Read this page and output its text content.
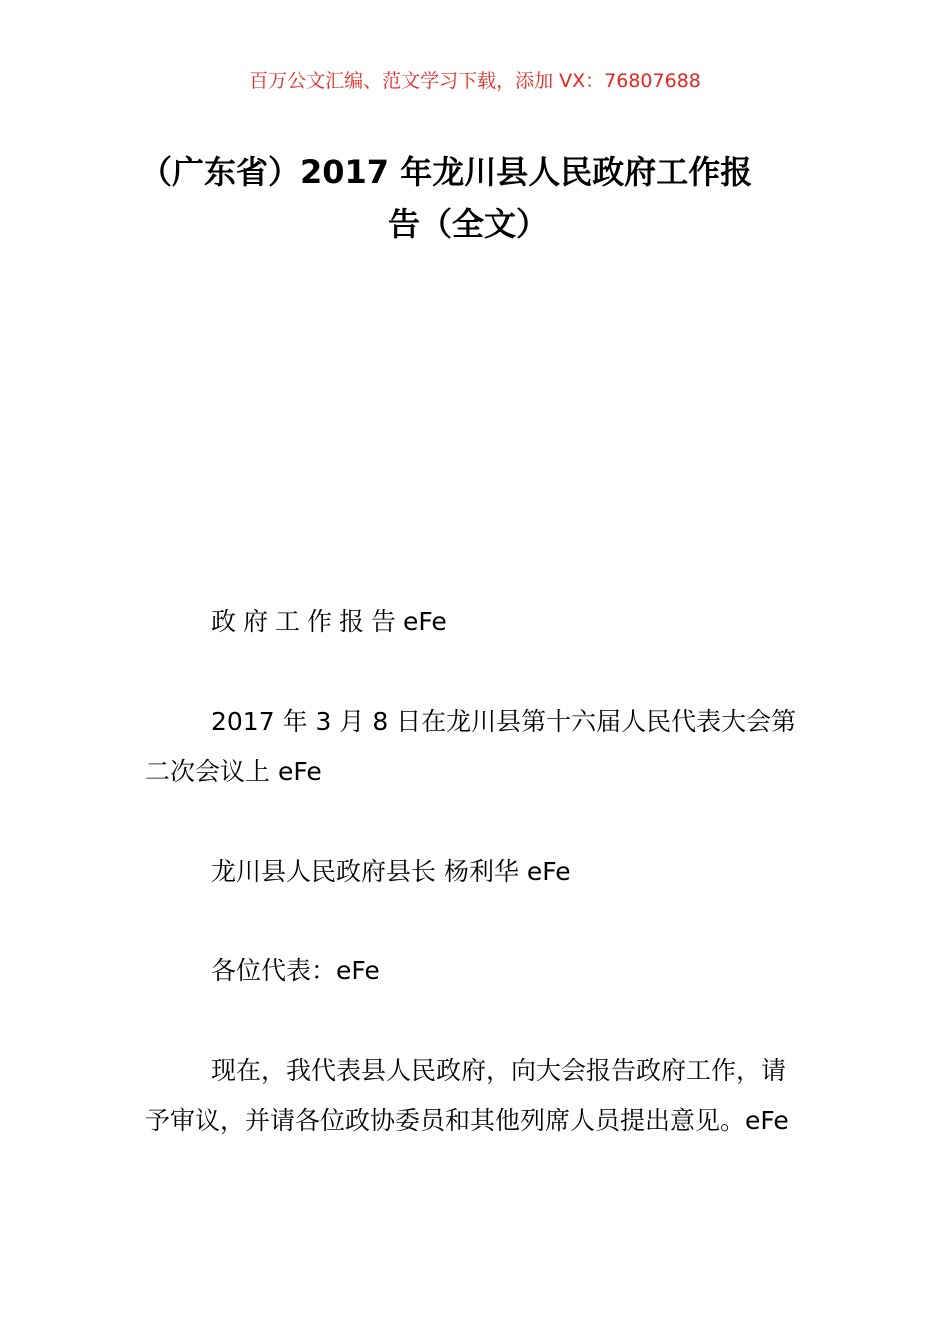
百万公文汇编、范文学习下载，添加 VX：76807688
（广东省）2017 年龙川县人民政府工作报
告（全文）

政府工作报告eFe

2017 年 3 月 8 日在龙川县第十六届人民代表大会第
二次会议上 eFe

龙川县人民政府县长 杨利华 eFe

各位代表：eFe

现在，我代表县人民政府，向大会报告政府工作，请
予审议，并请各位政协委员和其他列席人员提出意见。eFe
